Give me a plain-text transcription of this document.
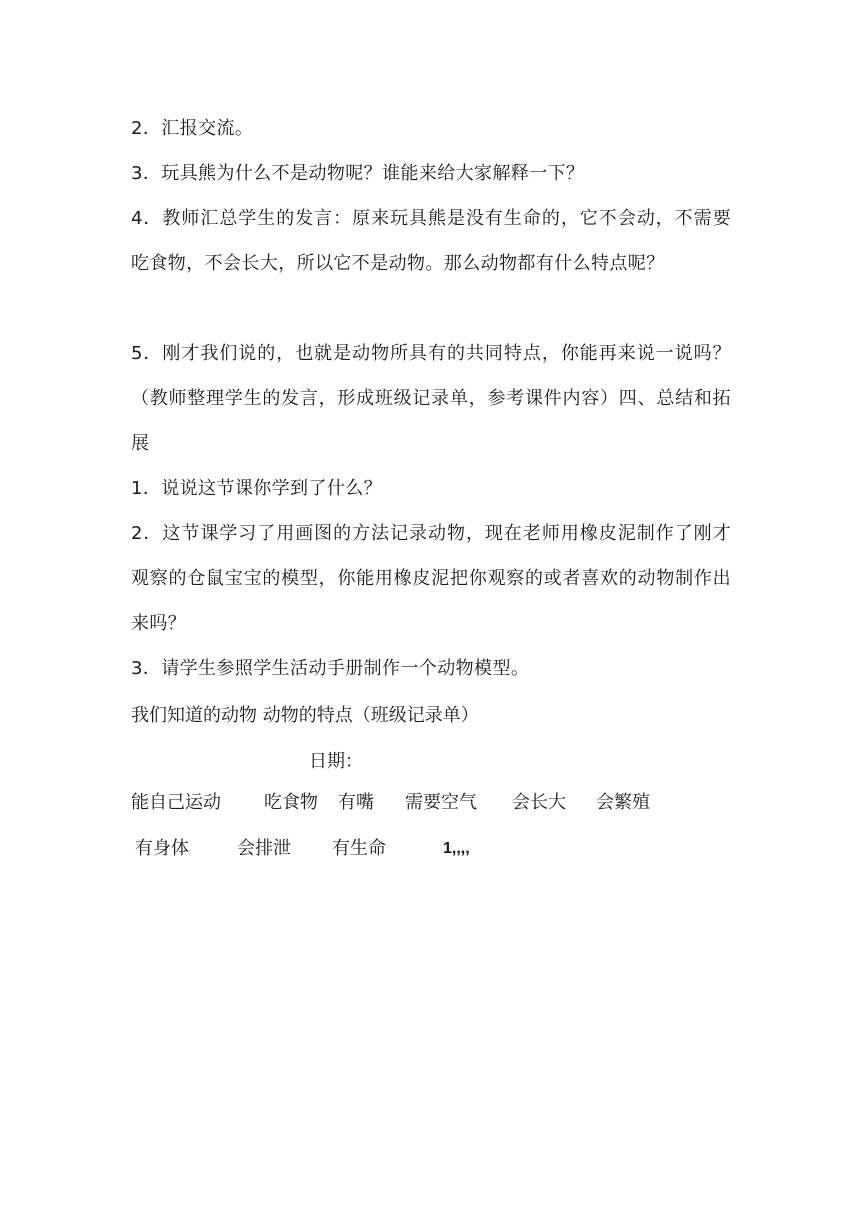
2．汇报交流。

3．玩具熊为什么不是动物呢？谁能来给大家解释一下？

4．教师汇总学生的发言：原来玩具熊是没有生命的，它不会动，不需要吃食物，不会长大，所以它不是动物。那么动物都有什么特点呢？

5．刚才我们说的，也就是动物所具有的共同特点，你能再来说一说吗？（教师整理学生的发言，形成班级记录单，参考课件内容）四、总结和拓展

1．说说这节课你学到了什么？

2．这节课学习了用画图的方法记录动物，现在老师用橡皮泥制作了刚才观察的仓鼠宝宝的模型，你能用橡皮泥把你观察的或者喜欢的动物制作出来吗？

3．请学生参照学生活动手册制作一个动物模型。

我们知道的动物 动物的特点（班级记录单）

日期：

能自己运动 吃食物 有嘴 需要空气 会长大 会繁殖
有身体	会排泄 有生命	1,,,,
